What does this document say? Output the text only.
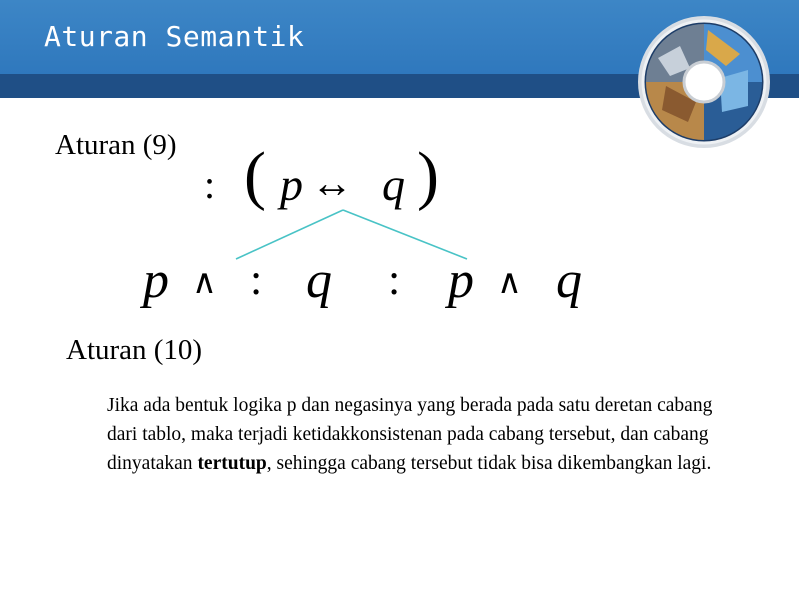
Aturan Semantik
Aturan (9)
: ( p ↔ q )
p ∧ : q : p ∧ q
Aturan (10)

Jika ada bentuk logika p dan negasinya yang berada pada satu deretan cabang dari tablo, maka terjadi ketidakkonsistenan pada cabang tersebut, dan cabang dinyatakan tertutup, sehingga cabang tersebut tidak bisa dikembangkan lagi.
